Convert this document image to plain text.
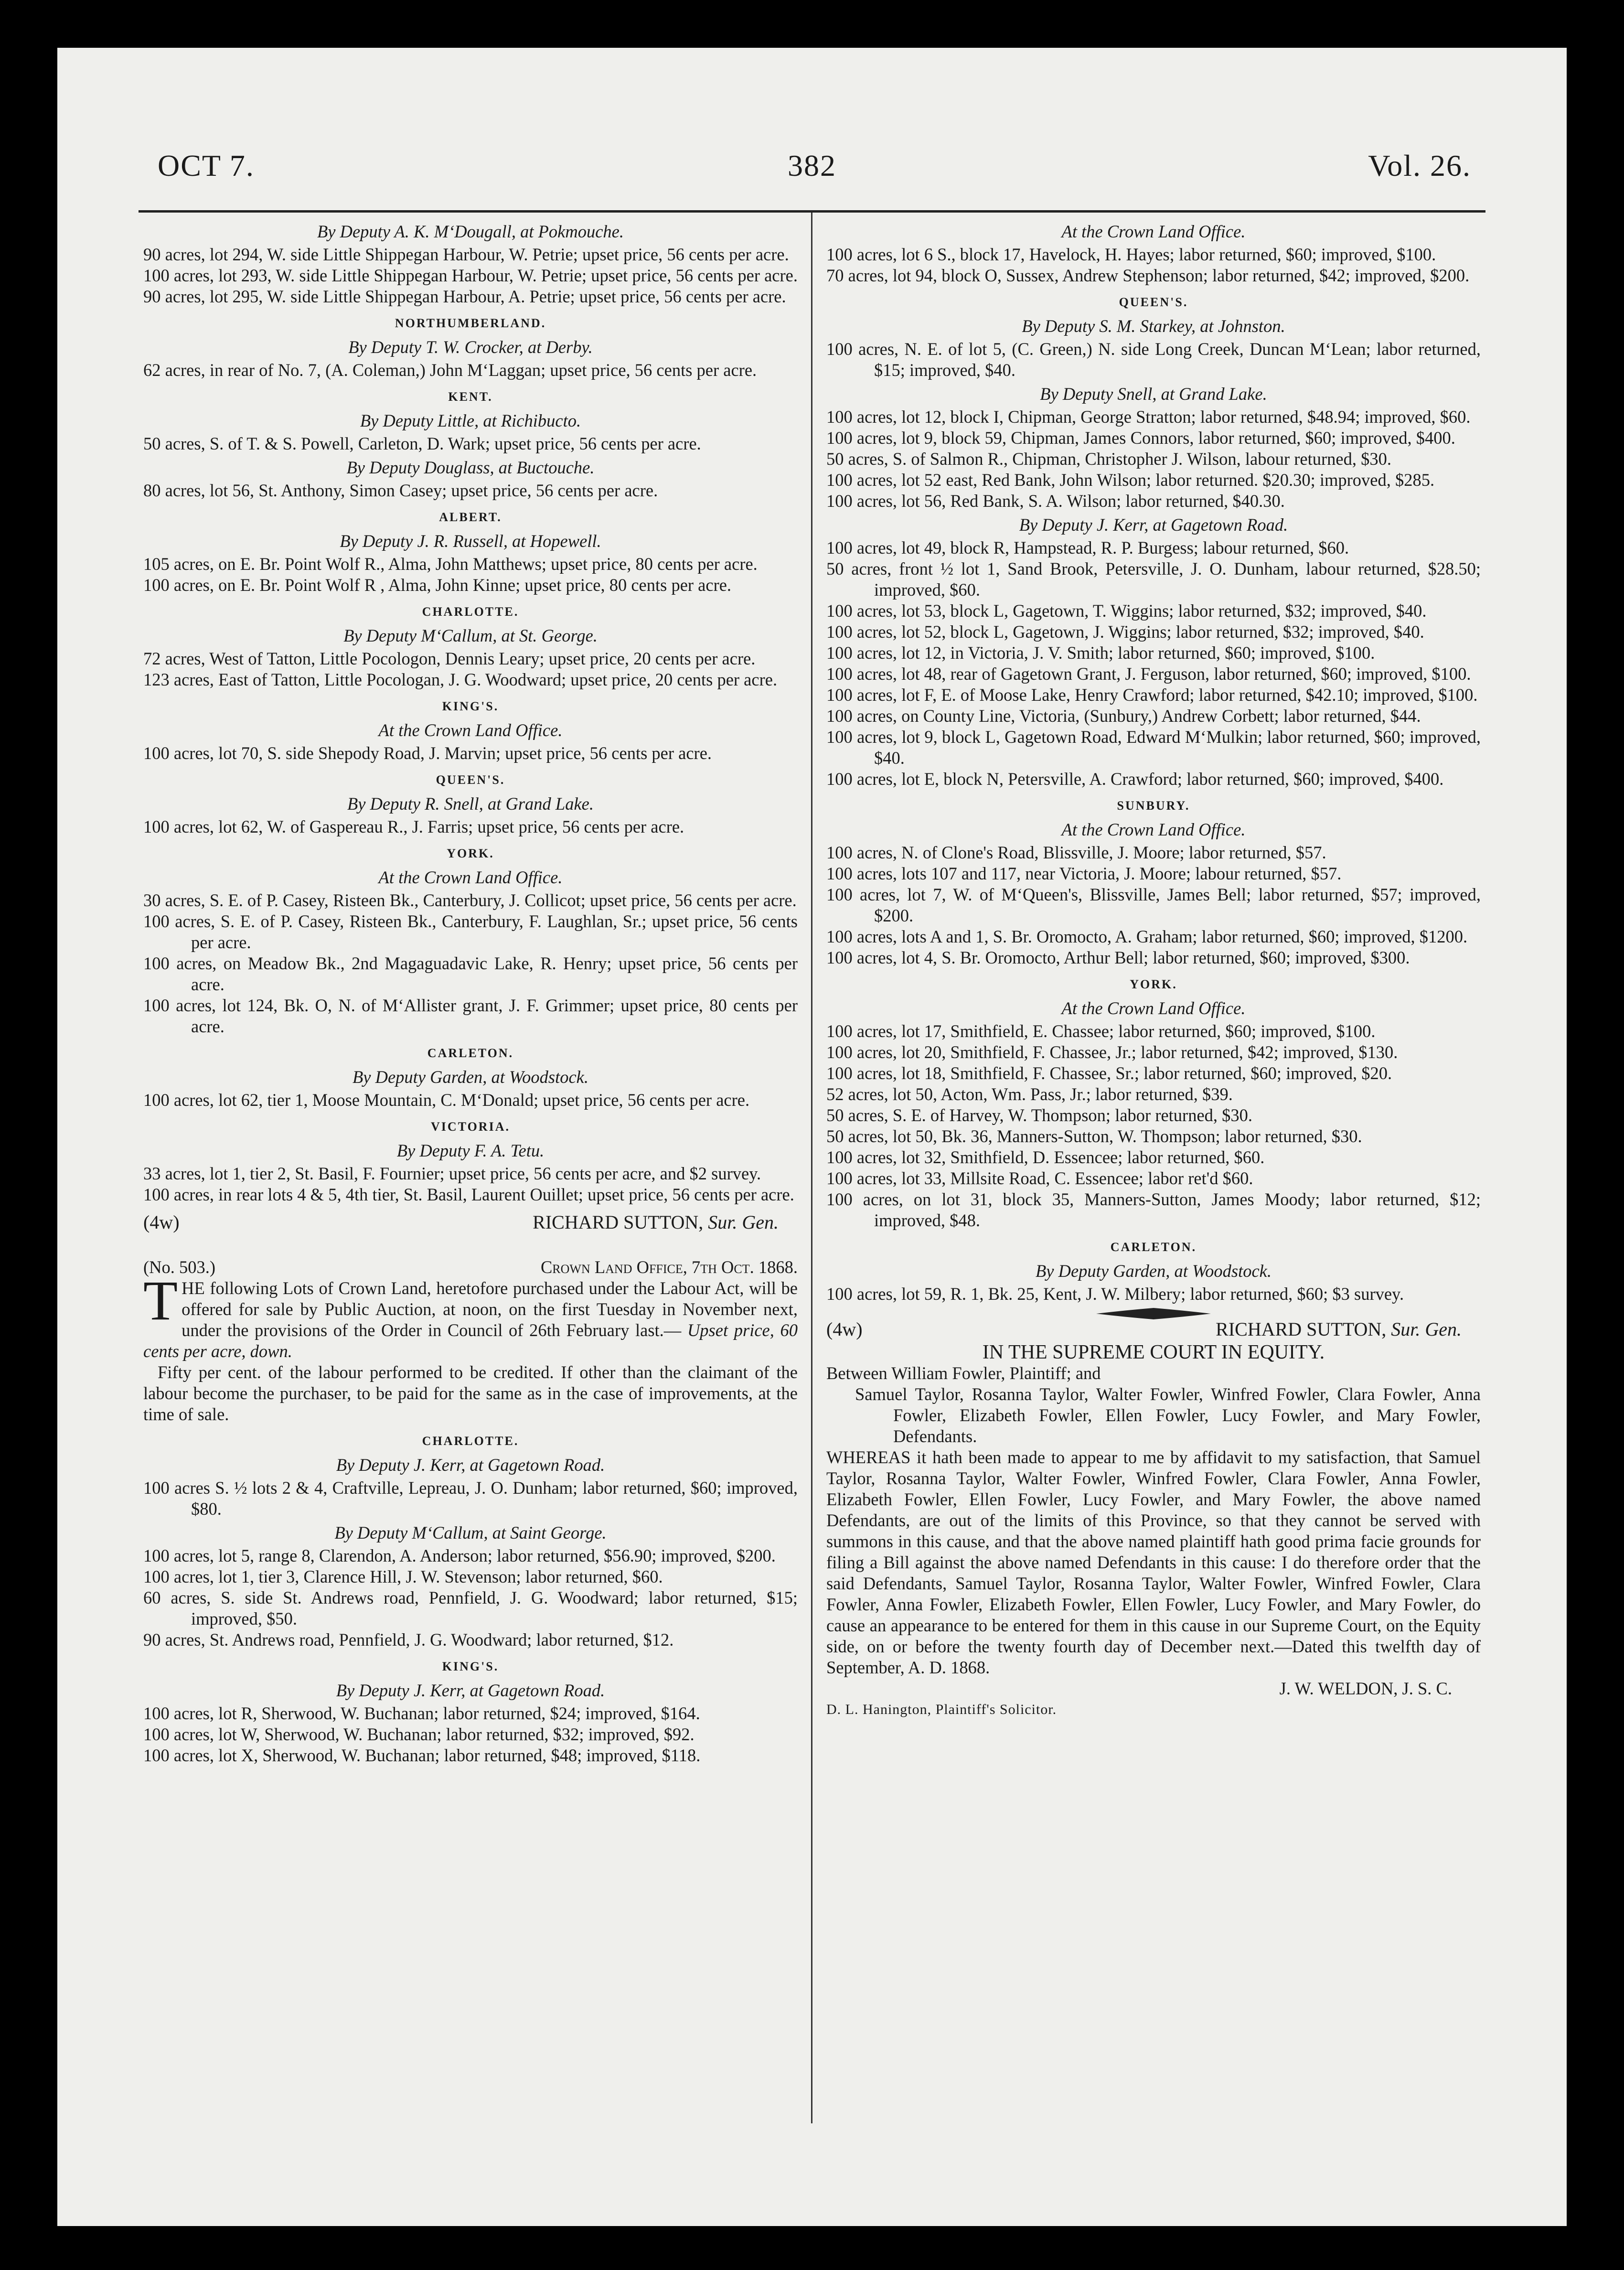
OCT 7.	382	Vol. 26.
By Deputy A. K. M‘Dougall, at Pokmouche.
90 acres, lot 294, W. side Little Shippegan Harbour, W. Petrie; upset price, 56 cents per acre.
100 acres, lot 293, W. side Little Shippegan Harbour, W. Petrie; upset price, 56 cents per acre.
90 acres, lot 295, W. side Little Shippegan Harbour, A. Petrie; upset price, 56 cents per acre.
NORTHUMBERLAND.
By Deputy T. W. Crocker, at Derby.
62 acres, in rear of No. 7, (A. Coleman,) John M‘Laggan; upset price, 56 cents per acre.
KENT.
By Deputy Little, at Richibucto.
50 acres, S. of T. & S. Powell, Carleton, D. Wark; upset price, 56 cents per acre.
By Deputy Douglass, at Buctouche.
80 acres, lot 56, St. Anthony, Simon Casey; upset price, 56 cents per acre.
ALBERT.
By Deputy J. R. Russell, at Hopewell.
105 acres, on E. Br. Point Wolf R., Alma, John Matthews; upset price, 80 cents per acre.
100 acres, on E. Br. Point Wolf R , Alma, John Kinne; upset price, 80 cents per acre.
CHARLOTTE.
By Deputy M‘Callum, at St. George.
72 acres, West of Tatton, Little Pocologon, Dennis Leary; upset price, 20 cents per acre.
123 acres, East of Tatton, Little Pocologan, J. G. Woodward; upset price, 20 cents per acre.
KING'S.
At the Crown Land Office.
100 acres, lot 70, S. side Shepody Road, J. Marvin; upset price, 56 cents per acre.
QUEEN'S.
By Deputy R. Snell, at Grand Lake.
100 acres, lot 62, W. of Gaspereau R., J. Farris; upset price, 56 cents per acre.
YORK.
At the Crown Land Office.
30 acres, S. E. of P. Casey, Risteen Bk., Canterbury, J. Collicot; upset price, 56 cents per acre.
100 acres, S. E. of P. Casey, Risteen Bk., Canterbury, F. Laughlan, Sr.; upset price, 56 cents per acre.
100 acres, on Meadow Bk., 2nd Magaguadavic Lake, R. Henry; upset price, 56 cents per acre.
100 acres, lot 124, Bk. O, N. of M‘Allister grant, J. F. Grimmer; upset price, 80 cents per acre.
CARLETON.
By Deputy Garden, at Woodstock.
100 acres, lot 62, tier 1, Moose Mountain, C. M‘Donald; upset price, 56 cents per acre.
VICTORIA.
By Deputy F. A. Tetu.
33 acres, lot 1, tier 2, St. Basil, F. Fournier; upset price, 56 cents per acre, and $2 survey.
100 acres, in rear lots 4 & 5, 4th tier, St. Basil, Laurent Ouillet; upset price, 56 cents per acre.
(4w)	RICHARD SUTTON, Sur. Gen.
(No. 503.)	Crown Land Office, 7th Oct. 1868.
THE following Lots of Crown Land, heretofore purchased under the Labour Act, will be offered for sale by Public Auction, at noon, on the first Tuesday in November next, under the provisions of the Order in Council of 26th February last.— Upset price, 60 cents per acre, down.
Fifty per cent. of the labour performed to be credited. If other than the claimant of the labour become the purchaser, to be paid for the same as in the case of improvements, at the time of sale.
CHARLOTTE.
By Deputy J. Kerr, at Gagetown Road.
100 acres S. ½ lots 2 & 4, Craftville, Lepreau, J. O. Dunham; labor returned, $60; improved, $80.
By Deputy M‘Callum, at Saint George.
100 acres, lot 5, range 8, Clarendon, A. Anderson; labor returned, $56.90; improved, $200.
100 acres, lot 1, tier 3, Clarence Hill, J. W. Stevenson; labor returned, $60.
60 acres, S. side St. Andrews road, Pennfield, J. G. Woodward; labor returned, $15; improved, $50.
90 acres, St. Andrews road, Pennfield, J. G. Woodward; labor returned, $12.
KING'S.
By Deputy J. Kerr, at Gagetown Road.
100 acres, lot R, Sherwood, W. Buchanan; labor returned, $24; improved, $164.
100 acres, lot W, Sherwood, W. Buchanan; labor returned, $32; improved, $92.
100 acres, lot X, Sherwood, W. Buchanan; labor returned, $48; improved, $118.
At the Crown Land Office.
100 acres, lot 6 S., block 17, Havelock, H. Hayes; labor returned, $60; improved, $100.
70 acres, lot 94, block O, Sussex, Andrew Stephenson; labor returned, $42; improved, $200.
QUEEN'S.
By Deputy S. M. Starkey, at Johnston.
100 acres, N. E. of lot 5, (C. Green,) N. side Long Creek, Duncan M‘Lean; labor returned, $15; improved, $40.
By Deputy Snell, at Grand Lake.
100 acres, lot 12, block I, Chipman, George Stratton; labor returned, $48.94; improved, $60.
100 acres, lot 9, block 59, Chipman, James Connors, labor returned, $60; improved, $400.
50 acres, S. of Salmon R., Chipman, Christopher J. Wilson, labour returned, $30.
100 acres, lot 52 east, Red Bank, John Wilson; labor returned. $20.30; improved, $285.
100 acres, lot 56, Red Bank, S. A. Wilson; labor returned, $40.30.
By Deputy J. Kerr, at Gagetown Road.
100 acres, lot 49, block R, Hampstead, R. P. Burgess; labour returned, $60.
50 acres, front ½ lot 1, Sand Brook, Petersville, J. O. Dunham, labour returned, $28.50; improved, $60.
100 acres, lot 53, block L, Gagetown, T. Wiggins; labor returned, $32; improved, $40.
100 acres, lot 52, block L, Gagetown, J. Wiggins; labor returned, $32; improved, $40.
100 acres, lot 12, in Victoria, J. V. Smith; labor returned, $60; improved, $100.
100 acres, lot 48, rear of Gagetown Grant, J. Ferguson, labor returned, $60; improved, $100.
100 acres, lot F, E. of Moose Lake, Henry Crawford; labor returned, $42.10; improved, $100.
100 acres, on County Line, Victoria, (Sunbury,) Andrew Corbett; labor returned, $44.
100 acres, lot 9, block L, Gagetown Road, Edward M‘Mulkin; labor returned, $60; improved, $40.
100 acres, lot E, block N, Petersville, A. Crawford; labor returned, $60; improved, $400.
SUNBURY.
At the Crown Land Office.
100 acres, N. of Clone's Road, Blissville, J. Moore; labor returned, $57.
100 acres, lots 107 and 117, near Victoria, J. Moore; labour returned, $57.
100 acres, lot 7, W. of M‘Queen's, Blissville, James Bell; labor returned, $57; improved, $200.
100 acres, lots A and 1, S. Br. Oromocto, A. Graham; labor returned, $60; improved, $1200.
100 acres, lot 4, S. Br. Oromocto, Arthur Bell; labor returned, $60; improved, $300.
YORK.
At the Crown Land Office.
100 acres, lot 17, Smithfield, E. Chassee; labor returned, $60; improved, $100.
100 acres, lot 20, Smithfield, F. Chassee, Jr.; labor returned, $42; improved, $130.
100 acres, lot 18, Smithfield, F. Chassee, Sr.; labor returned, $60; improved, $20.
52 acres, lot 50, Acton, Wm. Pass, Jr.; labor returned, $39.
50 acres, S. E. of Harvey, W. Thompson; labor returned, $30.
50 acres, lot 50, Bk. 36, Manners-Sutton, W. Thompson; labor returned, $30.
100 acres, lot 32, Smithfield, D. Essencee; labor returned, $60.
100 acres, lot 33, Millsite Road, C. Essencee; labor ret'd $60.
100 acres, on lot 31, block 35, Manners-Sutton, James Moody; labor returned, $12; improved, $48.
CARLETON.
By Deputy Garden, at Woodstock.
100 acres, lot 59, R. 1, Bk. 25, Kent, J. W. Milbery; labor returned, $60; $3 survey.
(4w)	RICHARD SUTTON, Sur. Gen.
IN THE SUPREME COURT IN EQUITY.
Between William Fowler, Plaintiff; and
Samuel Taylor, Rosanna Taylor, Walter Fowler, Winfred Fowler, Clara Fowler, Anna Fowler, Elizabeth Fowler, Ellen Fowler, Lucy Fowler, and Mary Fowler, Defendants.
WHEREAS it hath been made to appear to me by affidavit to my satisfaction, that Samuel Taylor, Rosanna Taylor, Walter Fowler, Winfred Fowler, Clara Fowler, Anna Fowler, Elizabeth Fowler, Ellen Fowler, Lucy Fowler, and Mary Fowler, the above named Defendants, are out of the limits of this Province, so that they cannot be served with summons in this cause, and that the above named plaintiff hath good prima facie grounds for filing a Bill against the above named Defendants in this cause: I do therefore order that the said Defendants, Samuel Taylor, Rosanna Taylor, Walter Fowler, Winfred Fowler, Clara Fowler, Anna Fowler, Elizabeth Fowler, Ellen Fowler, Lucy Fowler, and Mary Fowler, do cause an appearance to be entered for them in this cause in our Supreme Court, on the Equity side, on or before the twenty fourth day of December next.—Dated this twelfth day of September, A. D. 1868.
J. W. WELDON, J. S. C.
D. L. Hanington, Plaintiff's Solicitor.
